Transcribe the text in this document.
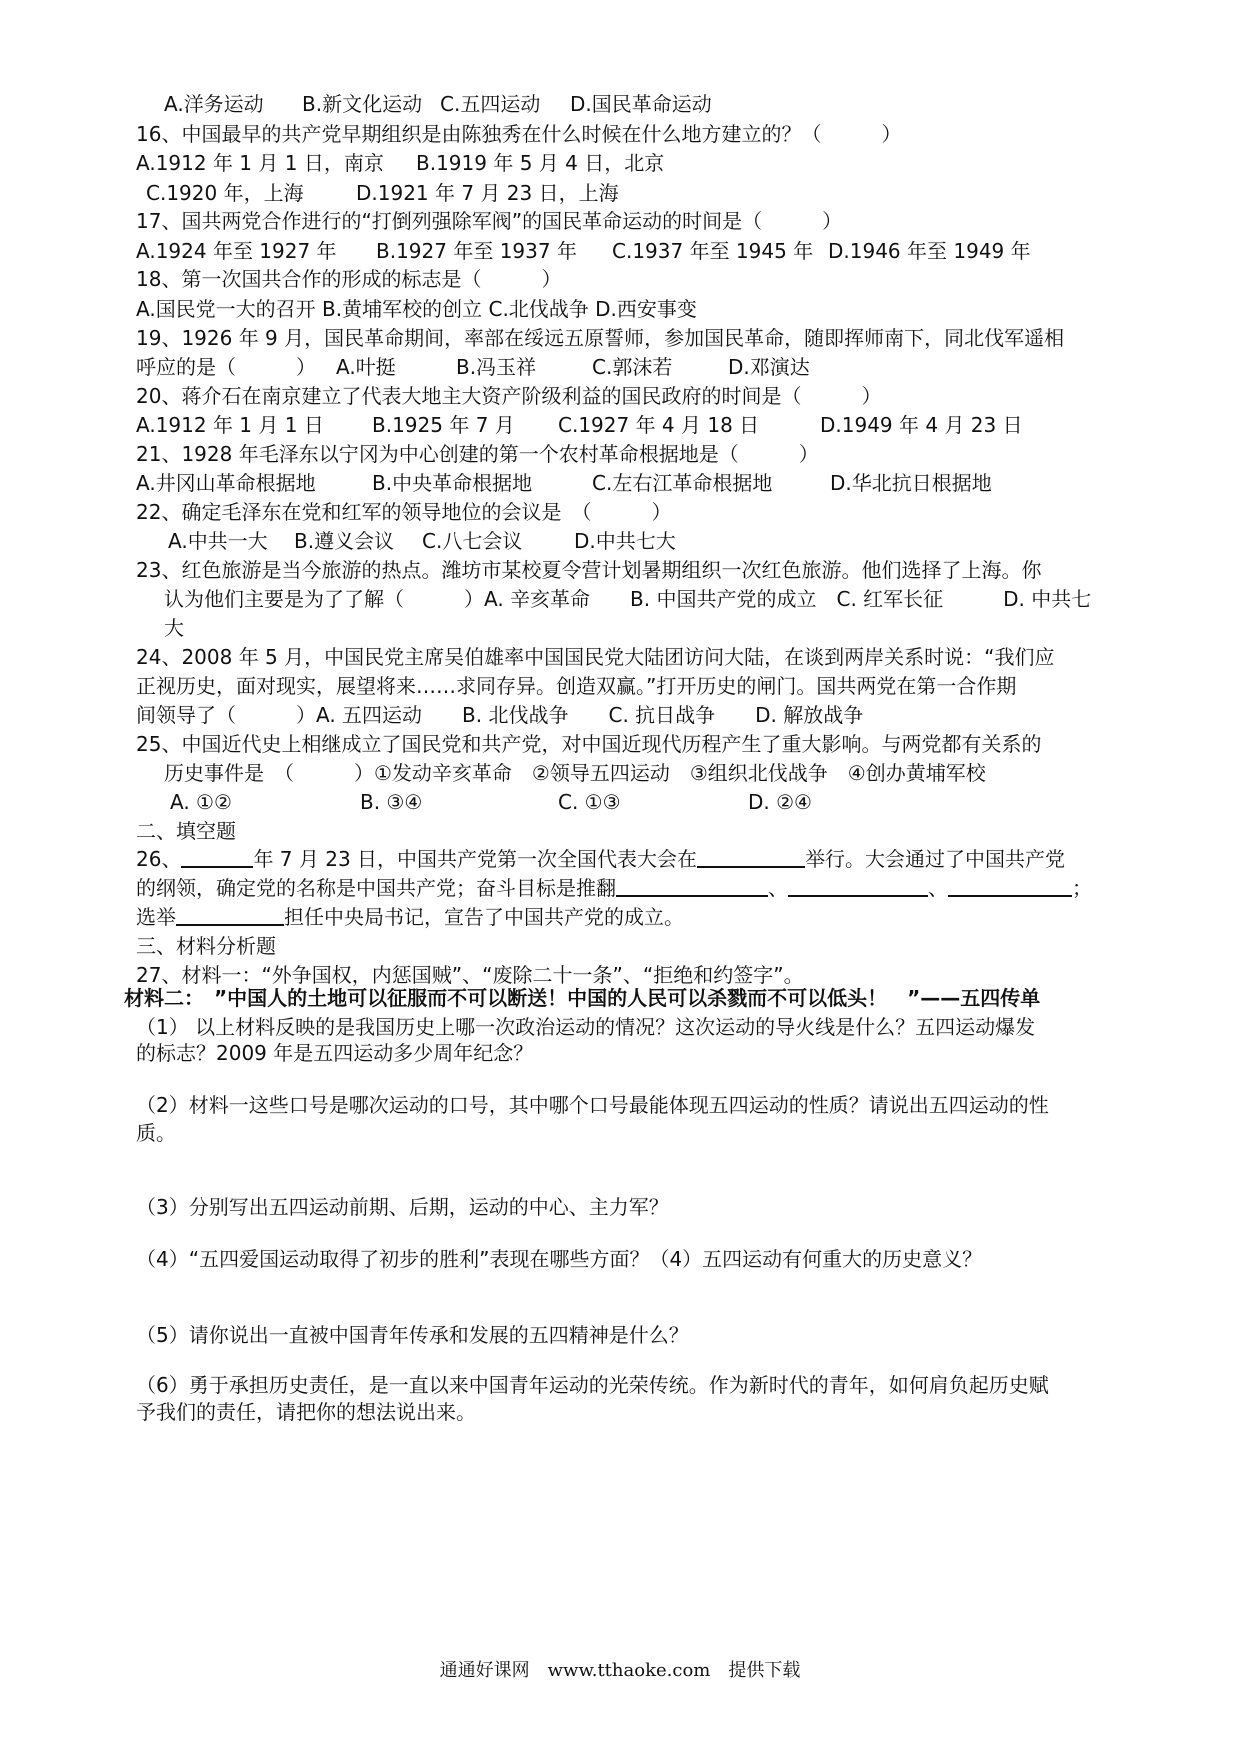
A.洋务运动 B.新文化运动 C.五四运动 D.国民革命运动
16、中国最早的共产党早期组织是由陈独秀在什么时候在什么地方建立的？（　　　）
A.1912 年 1 月 1 日，南京 B.1919 年 5 月 4 日，北京
C.1920 年，上海	D.1921 年 7 月 23 日，上海
17、国共两党合作进行的“打倒列强除军阀”的国民革命运动的时间是（　　　）
A.1924 年至 1927 年 B.1927 年至 1937 年 C.1937 年至 1945 年 D.1946 年至 1949 年
18、第一次国共合作的形成的标志是（　　　）
A.国民党一大的召开 B.黄埔军校的创立 C.北伐战争 D.西安事变
19、1926 年 9 月，国民革命期间，率部在绥远五原誓师，参加国民革命，随即挥师南下，同北伐军遥相
呼应的是（　　　） A.叶挺	B.冯玉祥	C.郭沫若	D.邓演达
20、蒋介石在南京建立了代表大地主大资产阶级利益的国民政府的时间是（　　　）
A.1912 年 1 月 1 日 B.1925 年 7 月 C.1927 年 4 月 18 日	D.1949 年 4 月 23 日
21、1928 年毛泽东以宁冈为中心创建的第一个农村革命根据地是（　　　）
A.井冈山革命根据地	B.中央革命根据地	C.左右江革命根据地	D.华北抗日根据地
22、确定毛泽东在党和红军的领导地位的会议是　（　　　）
A.中共一大 B.遵义会议 C.八七会议	D.中共七大
23、红色旅游是当今旅游的热点。潍坊市某校夏令营计划暑期组织一次红色旅游。他们选择了上海。你
认为他们主要是为了了解（　　　）A. 辛亥革命　　B. 中国共产党的成立　C. 红军长征　　　D. 中共七
大
24、2008 年 5 月，中国民党主席吴伯雄率中国国民党大陆团访问大陆，在谈到两岸关系时说：“我们应
正视历史，面对现实，展望将来……求同存异。创造双赢。”打开历史的闸门。国共两党在第一合作期
间领导了（　　　）A. 五四运动　　B. 北伐战争　　C. 抗日战争　　D. 解放战争
25、中国近代史上相继成立了国民党和共产党，对中国近现代历程产生了重大影响。与两党都有关系的
历史事件是　（　　　）①发动辛亥革命　②领导五四运动　③组织北伐战争　④创办黄埔军校
A. ①②	B. ③④	C. ①③	D. ②④
二、填空题
26、	年 7 月 23 日，中国共产党第一次全国代表大会在	举行。大会通过了中国共产党
的纲领，确定党的名称是中国共产党；奋斗目标是推翻	、	、	；
选举	担任中央局书记，宣告了中国共产党的成立。
三、材料分析题
27、材料一：“外争国权，内惩国贼”、“废除二十一条”、“拒绝和约签字”。
材料二：　”中国人的土地可以征服而不可以断送！中国的人民可以杀戮而不可以低头！　”——五四传单
（1） 以上材料反映的是我国历史上哪一次政治运动的情况？这次运动的导火线是什么？五四运动爆发
的标志？2009 年是五四运动多少周年纪念？
（2）材料一这些口号是哪次运动的口号，其中哪个口号最能体现五四运动的性质？请说出五四运动的性
质。
（3）分别写出五四运动前期、后期，运动的中心、主力军？
（4）“五四爱国运动取得了初步的胜利”表现在哪些方面？（4）五四运动有何重大的历史意义？
（5）请你说出一直被中国青年传承和发展的五四精神是什么？
（6）勇于承担历史责任，是一直以来中国青年运动的光荣传统。作为新时代的青年，如何肩负起历史赋
予我们的责任，请把你的想法说出来。
通通好课网　www.tthaoke.com　提供下载
